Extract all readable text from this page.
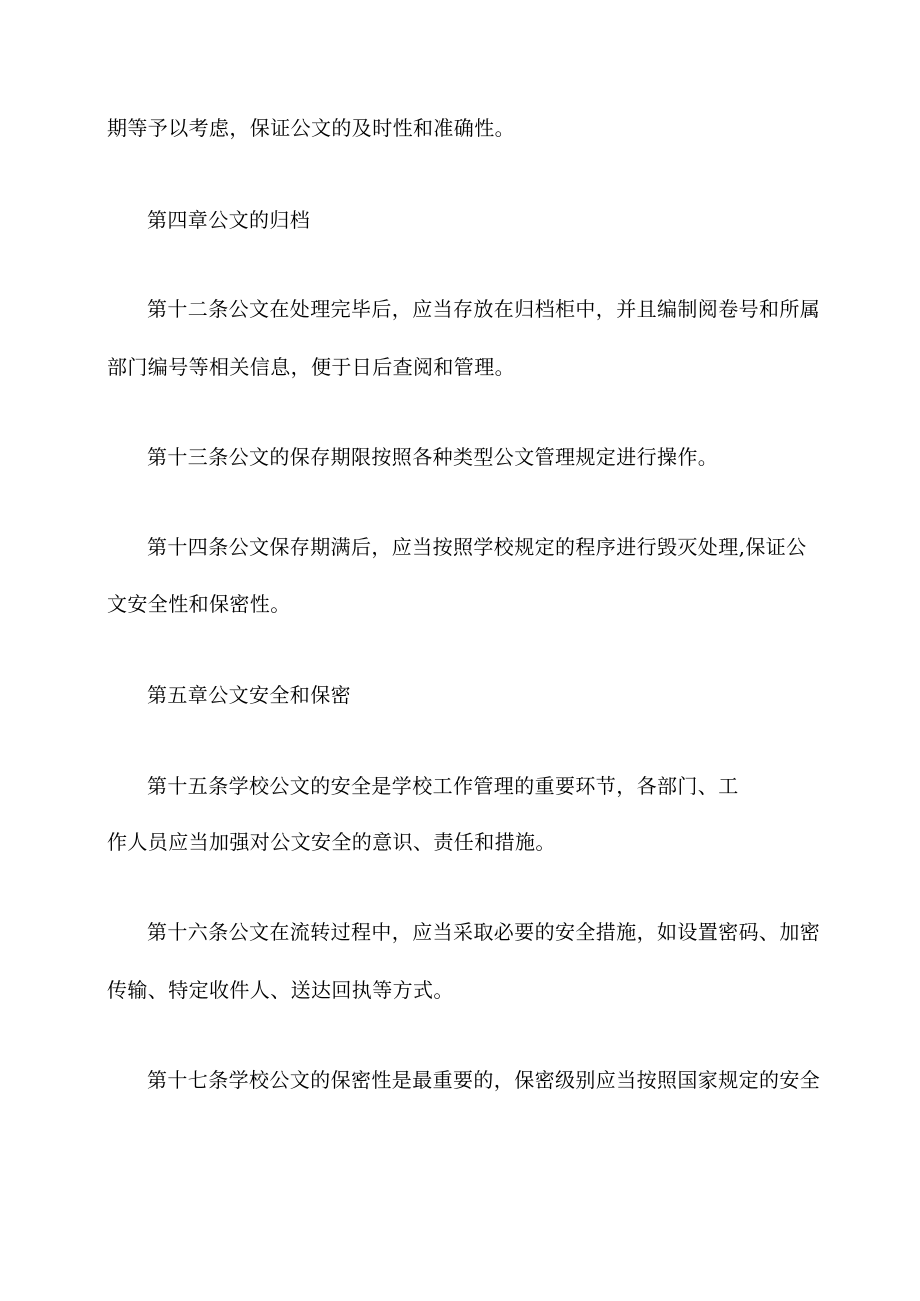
期等予以考虑，保证公文的及时性和准确性。
第四章公文的归档
第十二条公文在处理完毕后，应当存放在归档柜中，并且编制阅卷号和所属
部门编号等相关信息，便于日后查阅和管理。
第十三条公文的保存期限按照各种类型公文管理规定进行操作。
第十四条公文保存期满后，应当按照学校规定的程序进行毁灭处理,保证公
文安全性和保密性。
第五章公文安全和保密
第十五条学校公文的安全是学校工作管理的重要环节，各部门、工
作人员应当加强对公文安全的意识、责任和措施。
第十六条公文在流转过程中，应当采取必要的安全措施，如设置密码、加密
传输、特定收件人、送达回执等方式。
第十七条学校公文的保密性是最重要的，保密级别应当按照国家规定的安全
